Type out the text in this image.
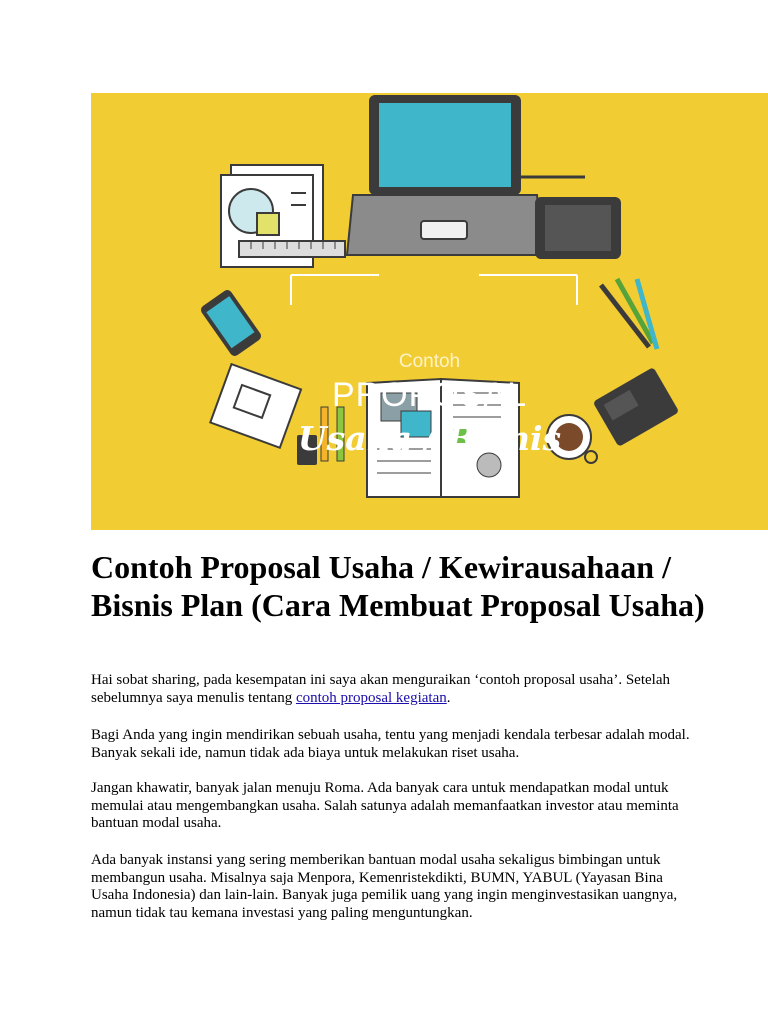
Contoh
PROPOSAL
Usaha / Bisnis
Contoh Proposal Usaha / Kewirausahaan / Bisnis Plan (Cara Membuat Proposal Usaha)

Hai sobat sharing, pada kesempatan ini saya akan menguraikan ‘contoh proposal usaha’. Setelah sebelumnya saya menulis tentang contoh proposal kegiatan.

Bagi Anda yang ingin mendirikan sebuah usaha, tentu yang menjadi kendala terbesar adalah modal. Banyak sekali ide, namun tidak ada biaya untuk melakukan riset usaha.

Jangan khawatir, banyak jalan menuju Roma. Ada banyak cara untuk mendapatkan modal untuk memulai atau mengembangkan usaha. Salah satunya adalah memanfaatkan investor atau meminta bantuan modal usaha.

Ada banyak instansi yang sering memberikan bantuan modal usaha sekaligus bimbingan untuk membangun usaha. Misalnya saja Menpora, Kemenristekdikti, BUMN, YABUL (Yayasan Bina Usaha Indonesia) dan lain-lain. Banyak juga pemilik uang yang ingin menginvestasikan uangnya, namun tidak tau kemana investasi yang paling menguntungkan.
